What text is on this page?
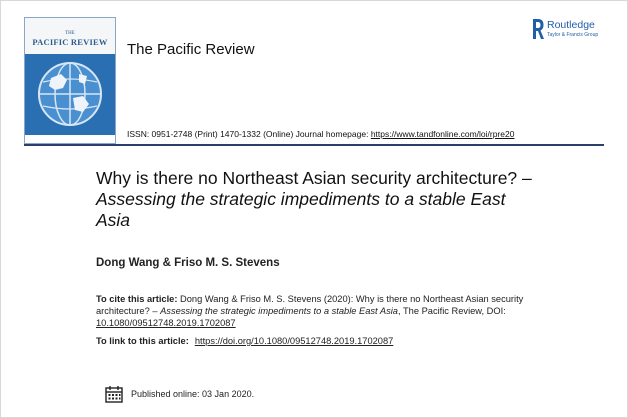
THE
PACIFIC REVIEW	The Pacific Review
Routledge
Taylor & Francis Group
ISSN: 0951-2748 (Print) 1470-1332 (Online) Journal homepage: https://www.tandfonline.com/loi/rpre20
Why is there no Northeast Asian security architecture? – Assessing the strategic impediments to a stable East Asia
Dong Wang & Friso M. S. Stevens
To cite this article: Dong Wang & Friso M. S. Stevens (2020): Why is there no Northeast Asian security architecture? – Assessing the strategic impediments to a stable East Asia, The Pacific Review, DOI: 10.1080/09512748.2019.1702087
To link to this article: https://doi.org/10.1080/09512748.2019.1702087
Published online: 03 Jan 2020.
